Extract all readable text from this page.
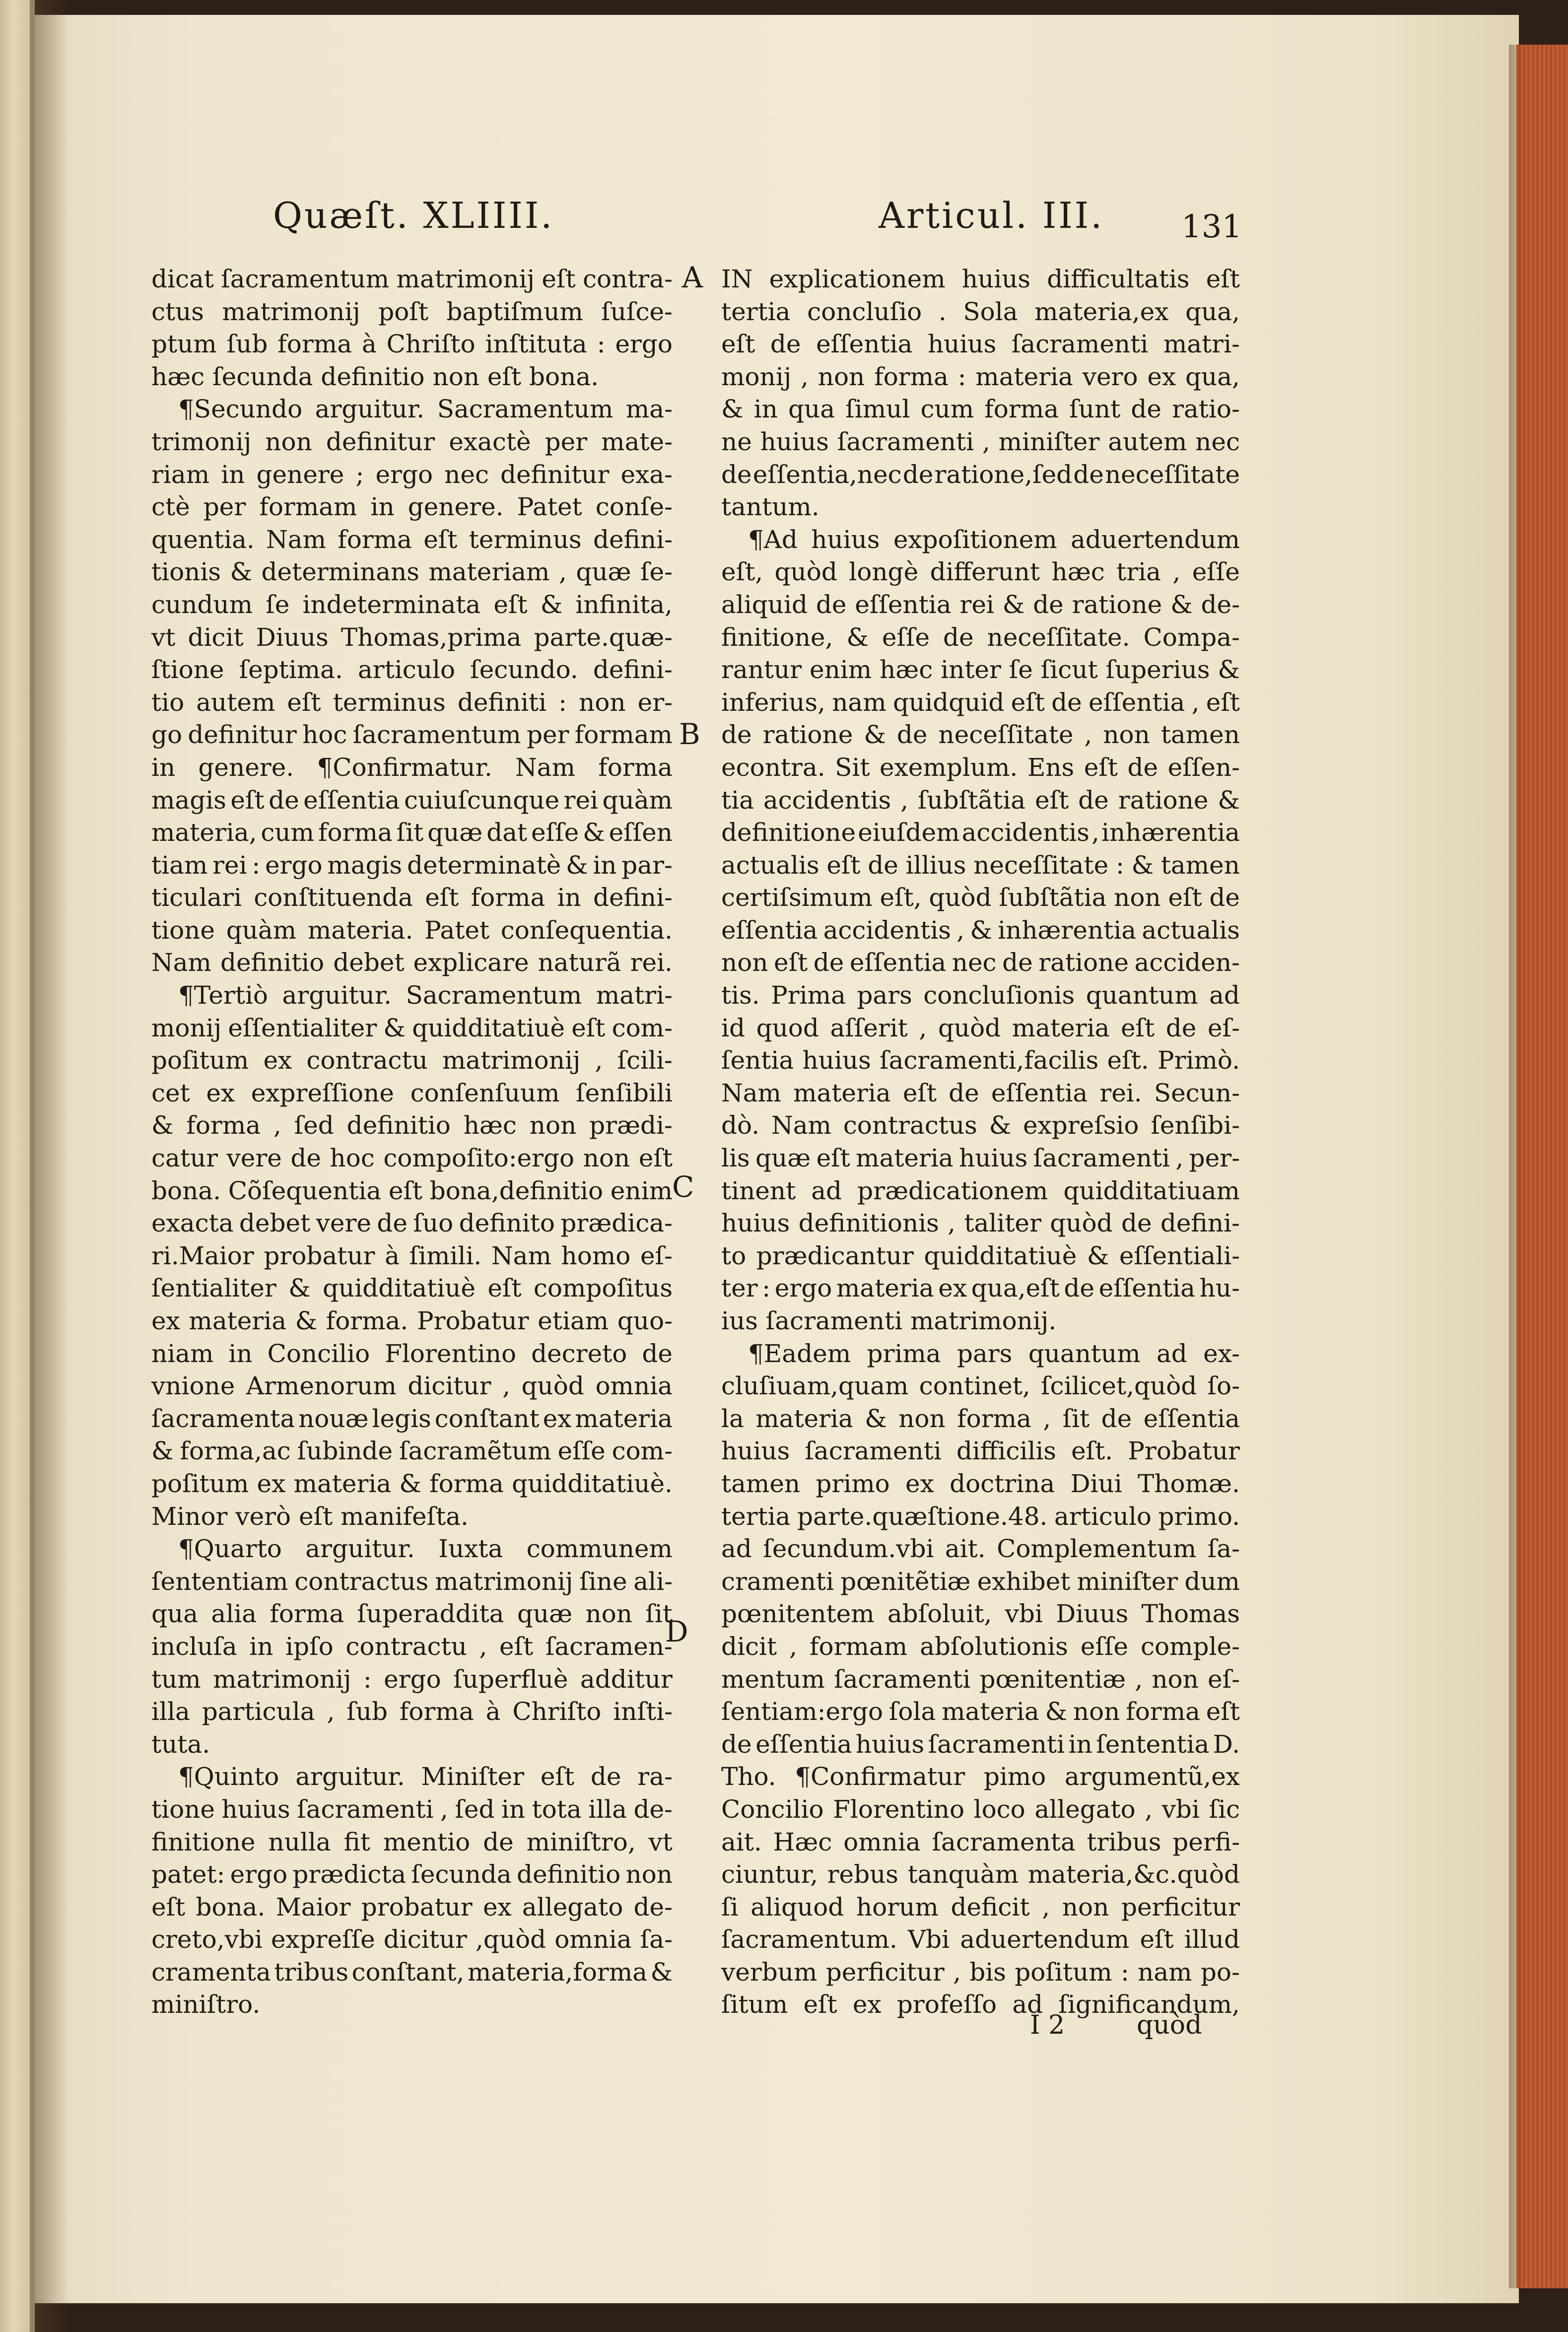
Quæſt. XLIIII.	Articul. III. 131
dicat ſacramentum matrimonij eſt contra-
ctus matrimonij poſt baptiſmum ſuſce-
ptum ſub forma à Chriſto inſtituta : ergo
hæc ſecunda definitio non eſt bona.
¶Secundo arguitur. Sacramentum ma-
trimonij non definitur exactè per mate-
riam in genere ; ergo nec definitur exa-
ctè per formam in genere. Patet conſe-
quentia. Nam forma eſt terminus defini-
tionis & determinans materiam , quæ ſe-
cundum ſe indeterminata eſt & infinita,
vt dicit Diuus Thomas,prima parte.quæ-
ſtione ſeptima. articulo ſecundo. defini-
tio autem eſt terminus definiti : non er-
go definitur hoc ſacramentum per formam
in genere. ¶Confirmatur. Nam forma
magis eſt de eſſentia cuiuſcunque rei quàm
materia, cum forma ſit quæ dat eſſe & eſſen
tiam rei : ergo magis determinatè & in par-
ticulari conſtituenda eſt forma in defini-
tione quàm materia. Patet conſequentia.
Nam definitio debet explicare naturã rei.
¶Tertiò arguitur. Sacramentum matri-
monij eſſentialiter & quidditatiuè eſt com-
poſitum ex contractu matrimonij , ſcili-
cet ex expreſſione conſenſuum ſenſibili
& forma , ſed definitio hæc non prædi-
catur vere de hoc compoſito:ergo non eſt
bona. Cõſequentia eſt bona,definitio enim
exacta debet vere de ſuo definito prædica-
ri.Maior probatur à ſimili. Nam homo eſ-
ſentialiter & quidditatiuè eſt compoſitus
ex materia & forma. Probatur etiam quo-
niam in Concilio Florentino decreto de
vnione Armenorum dicitur , quòd omnia
ſacramenta nouæ legis conſtant ex materia
& forma,ac ſubinde ſacramẽtum eſſe com-
poſitum ex materia & forma quidditatiuè.
Minor verò eſt manifeſta.
¶Quarto arguitur. Iuxta communem
ſententiam contractus matrimonij ſine ali-
qua alia forma ſuperaddita quæ non ſit
incluſa in ipſo contractu , eſt ſacramen-
tum matrimonij : ergo ſuperfluè additur
illa particula , ſub forma à Chriſto inſti-
tuta.
¶Quinto arguitur. Miniſter eſt de ra-
tione huius ſacramenti , ſed in tota illa de-
finitione nulla fit mentio de miniſtro, vt
patet: ergo prædicta ſecunda definitio non
eſt bona. Maior probatur ex allegato de-
creto,vbi expreſſe dicitur ,quòd omnia ſa-
cramenta tribus conſtant, materia,forma &
miniſtro.
IN explicationem huius difficultatis eſt
tertia concluſio . Sola materia,ex qua,
eſt de eſſentia huius ſacramenti matri-
monij , non forma : materia vero ex qua,
& in qua ſimul cum forma ſunt de ratio-
ne huius ſacramenti , miniſter autem nec
de eſſentia,nec de ratione,ſed de neceſſitate
tantum.
¶Ad huius expoſitionem aduertendum
eſt, quòd longè differunt hæc tria , eſſe
aliquid de eſſentia rei & de ratione & de-
finitione, & eſſe de neceſſitate. Compa-
rantur enim hæc inter ſe ſicut ſuperius &
inferius, nam quidquid eſt de eſſentia , eſt
de ratione & de neceſſitate , non tamen
econtra. Sit exemplum. Ens eſt de eſſen-
tia accidentis , ſubſtãtia eſt de ratione &
definitione eiuſdem accidentis , inhærentia
actualis eſt de illius neceſſitate : & tamen
certiſsimum eſt, quòd ſubſtãtia non eſt de
eſſentia accidentis , & inhærentia actualis
non eſt de eſſentia nec de ratione acciden-
tis. Prima pars concluſionis quantum ad
id quod aſſerit , quòd materia eſt de eſ-
ſentia huius ſacramenti,facilis eſt. Primò.
Nam materia eſt de eſſentia rei. Secun-
dò. Nam contractus & expreſsio ſenſibi-
lis quæ eſt materia huius ſacramenti , per-
tinent ad prædicationem quidditatiuam
huius definitionis , taliter quòd de defini-
to prædicantur quidditatiuè & eſſentiali-
ter : ergo materia ex qua,eſt de eſſentia hu-
ius ſacramenti matrimonij.
¶Eadem prima pars quantum ad ex-
cluſiuam,quam continet, ſcilicet,quòd ſo-
la materia & non forma , ſit de eſſentia
huius ſacramenti difficilis eſt. Probatur
tamen primo ex doctrina Diui Thomæ.
tertia parte.quæſtione.48. articulo primo.
ad ſecundum.vbi ait. Complementum ſa-
cramenti pœnitẽtiæ exhibet miniſter dum
pœnitentem abſoluit, vbi Diuus Thomas
dicit , formam abſolutionis eſſe comple-
mentum ſacramenti pœnitentiæ , non eſ-
ſentiam:ergo ſola materia & non forma eſt
de eſſentia huius ſacramenti in ſententia D.
Tho. ¶Confirmatur pimo argumentũ,ex
Concilio Florentino loco allegato , vbi ſic
ait. Hæc omnia ſacramenta tribus perfi-
ciuntur, rebus tanquàm materia,&c.quòd
ſi aliquod horum deficit , non perficitur
ſacramentum. Vbi aduertendum eſt illud
verbum perficitur , bis poſitum : nam po-
ſitum eſt ex profeſſo ad ſignificandum,
A
B
C
D
I 2	quòd
